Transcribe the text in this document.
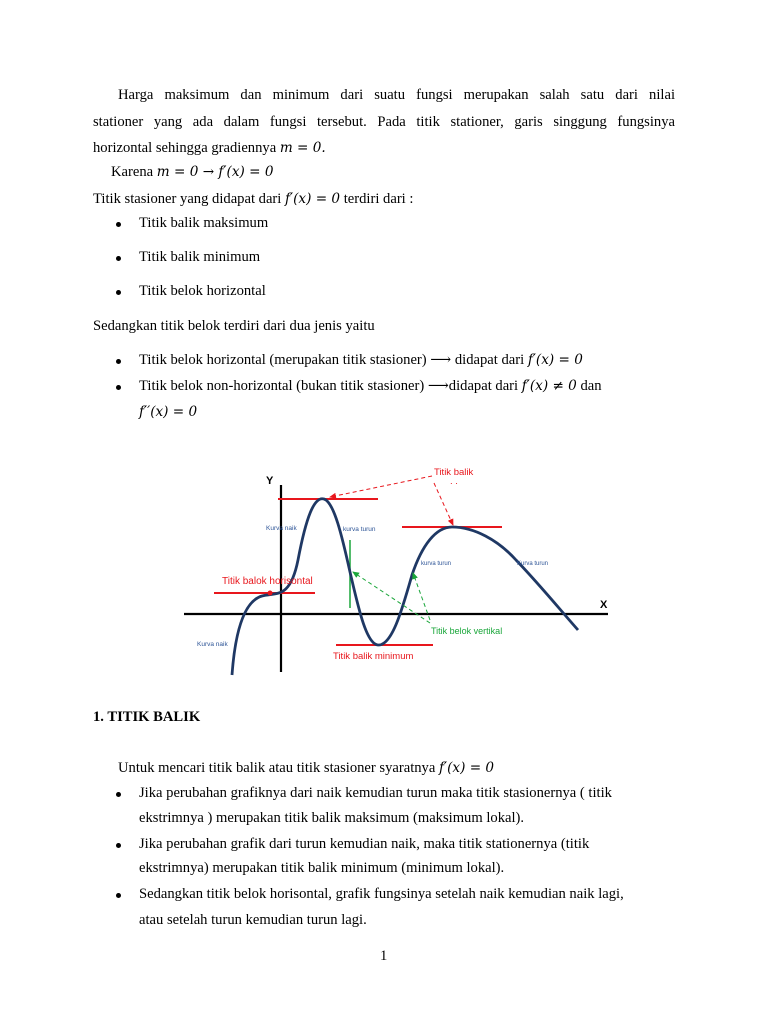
Harga maksimum dan minimum dari suatu fungsi merupakan salah satu dari nilai
stationer yang ada dalam fungsi tersebut. Pada titik stationer, garis singgung fungsinya
horizontal sehingga gradiennya m = 0.
Karena m = 0 → f′(x) = 0
Titik stasioner yang didapat dari f′(x) = 0 terdiri dari :
Titik balik maksimum
Titik balik minimum
Titik belok horizontal
Sedangkan titik belok terdiri dari dua jenis yaitu
Titik belok horizontal (merupakan titik stasioner) ⟶ didapat dari f′(x) = 0
Titik belok non-horizontal (bukan titik stasioner) ⟶didapat dari f′(x) ≠ 0 dan
f′′(x) = 0
Y
X
Titik balik
. .
Kurva naik	kurva turun
kurva turun	Kurva turun
Kurva naik
Titik balok horisontal
Titik belok vertikal
Titik balik minimum
1. TITIK BALIK
Untuk mencari titik balik atau titik stasioner syaratnya f′(x) = 0
Jika perubahan grafiknya dari naik kemudian turun maka titik stasionernya ( titik
ekstrimnya ) merupakan titik balik maksimum (maksimum lokal).
Jika perubahan grafik dari turun kemudian naik, maka titik stationernya (titik
ekstrimnya) merupakan titik balik minimum (minimum lokal).
Sedangkan titik belok horisontal, grafik fungsinya setelah naik kemudian naik lagi,
atau setelah turun kemudian turun lagi.
1
